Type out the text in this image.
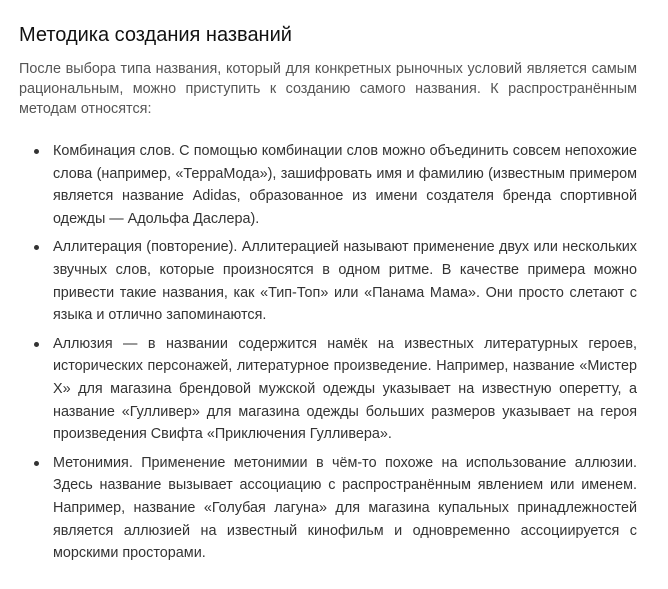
Методика создания названий

После выбора типа названия, который для конкретных рыночных условий является самым рациональным, можно приступить к созданию самого названия. К распространённым методам относятся:

Комбинация слов. С помощью комбинации слов можно объединить совсем непохожие слова (например, «ТерраМода»), зашифровать имя и фамилию (известным примером является название Adidas, образованное из имени создателя бренда спортивной одежды — Адольфа Даслера).
Аллитерация (повторение). Аллитерацией называют применение двух или нескольких звучных слов, которые произносятся в одном ритме. В качестве примера можно привести такие названия, как «Тип-Топ» или «Панама Мама». Они просто слетают с языка и отлично запоминаются.
Аллюзия — в названии содержится намёк на известных литературных героев, исторических персонажей, литературное произведение. Например, название «Мистер Х» для магазина брендовой мужской одежды указывает на известную оперетту, а название «Гулливер» для магазина одежды больших размеров указывает на героя произведения Свифта «Приключения Гулливера».
Метонимия. Применение метонимии в чём-то похоже на использование аллюзии. Здесь название вызывает ассоциацию с распространённым явлением или именем. Например, название «Голубая лагуна» для магазина купальных принадлежностей является аллюзией на известный кинофильм и одновременно ассоциируется с морскими просторами.
